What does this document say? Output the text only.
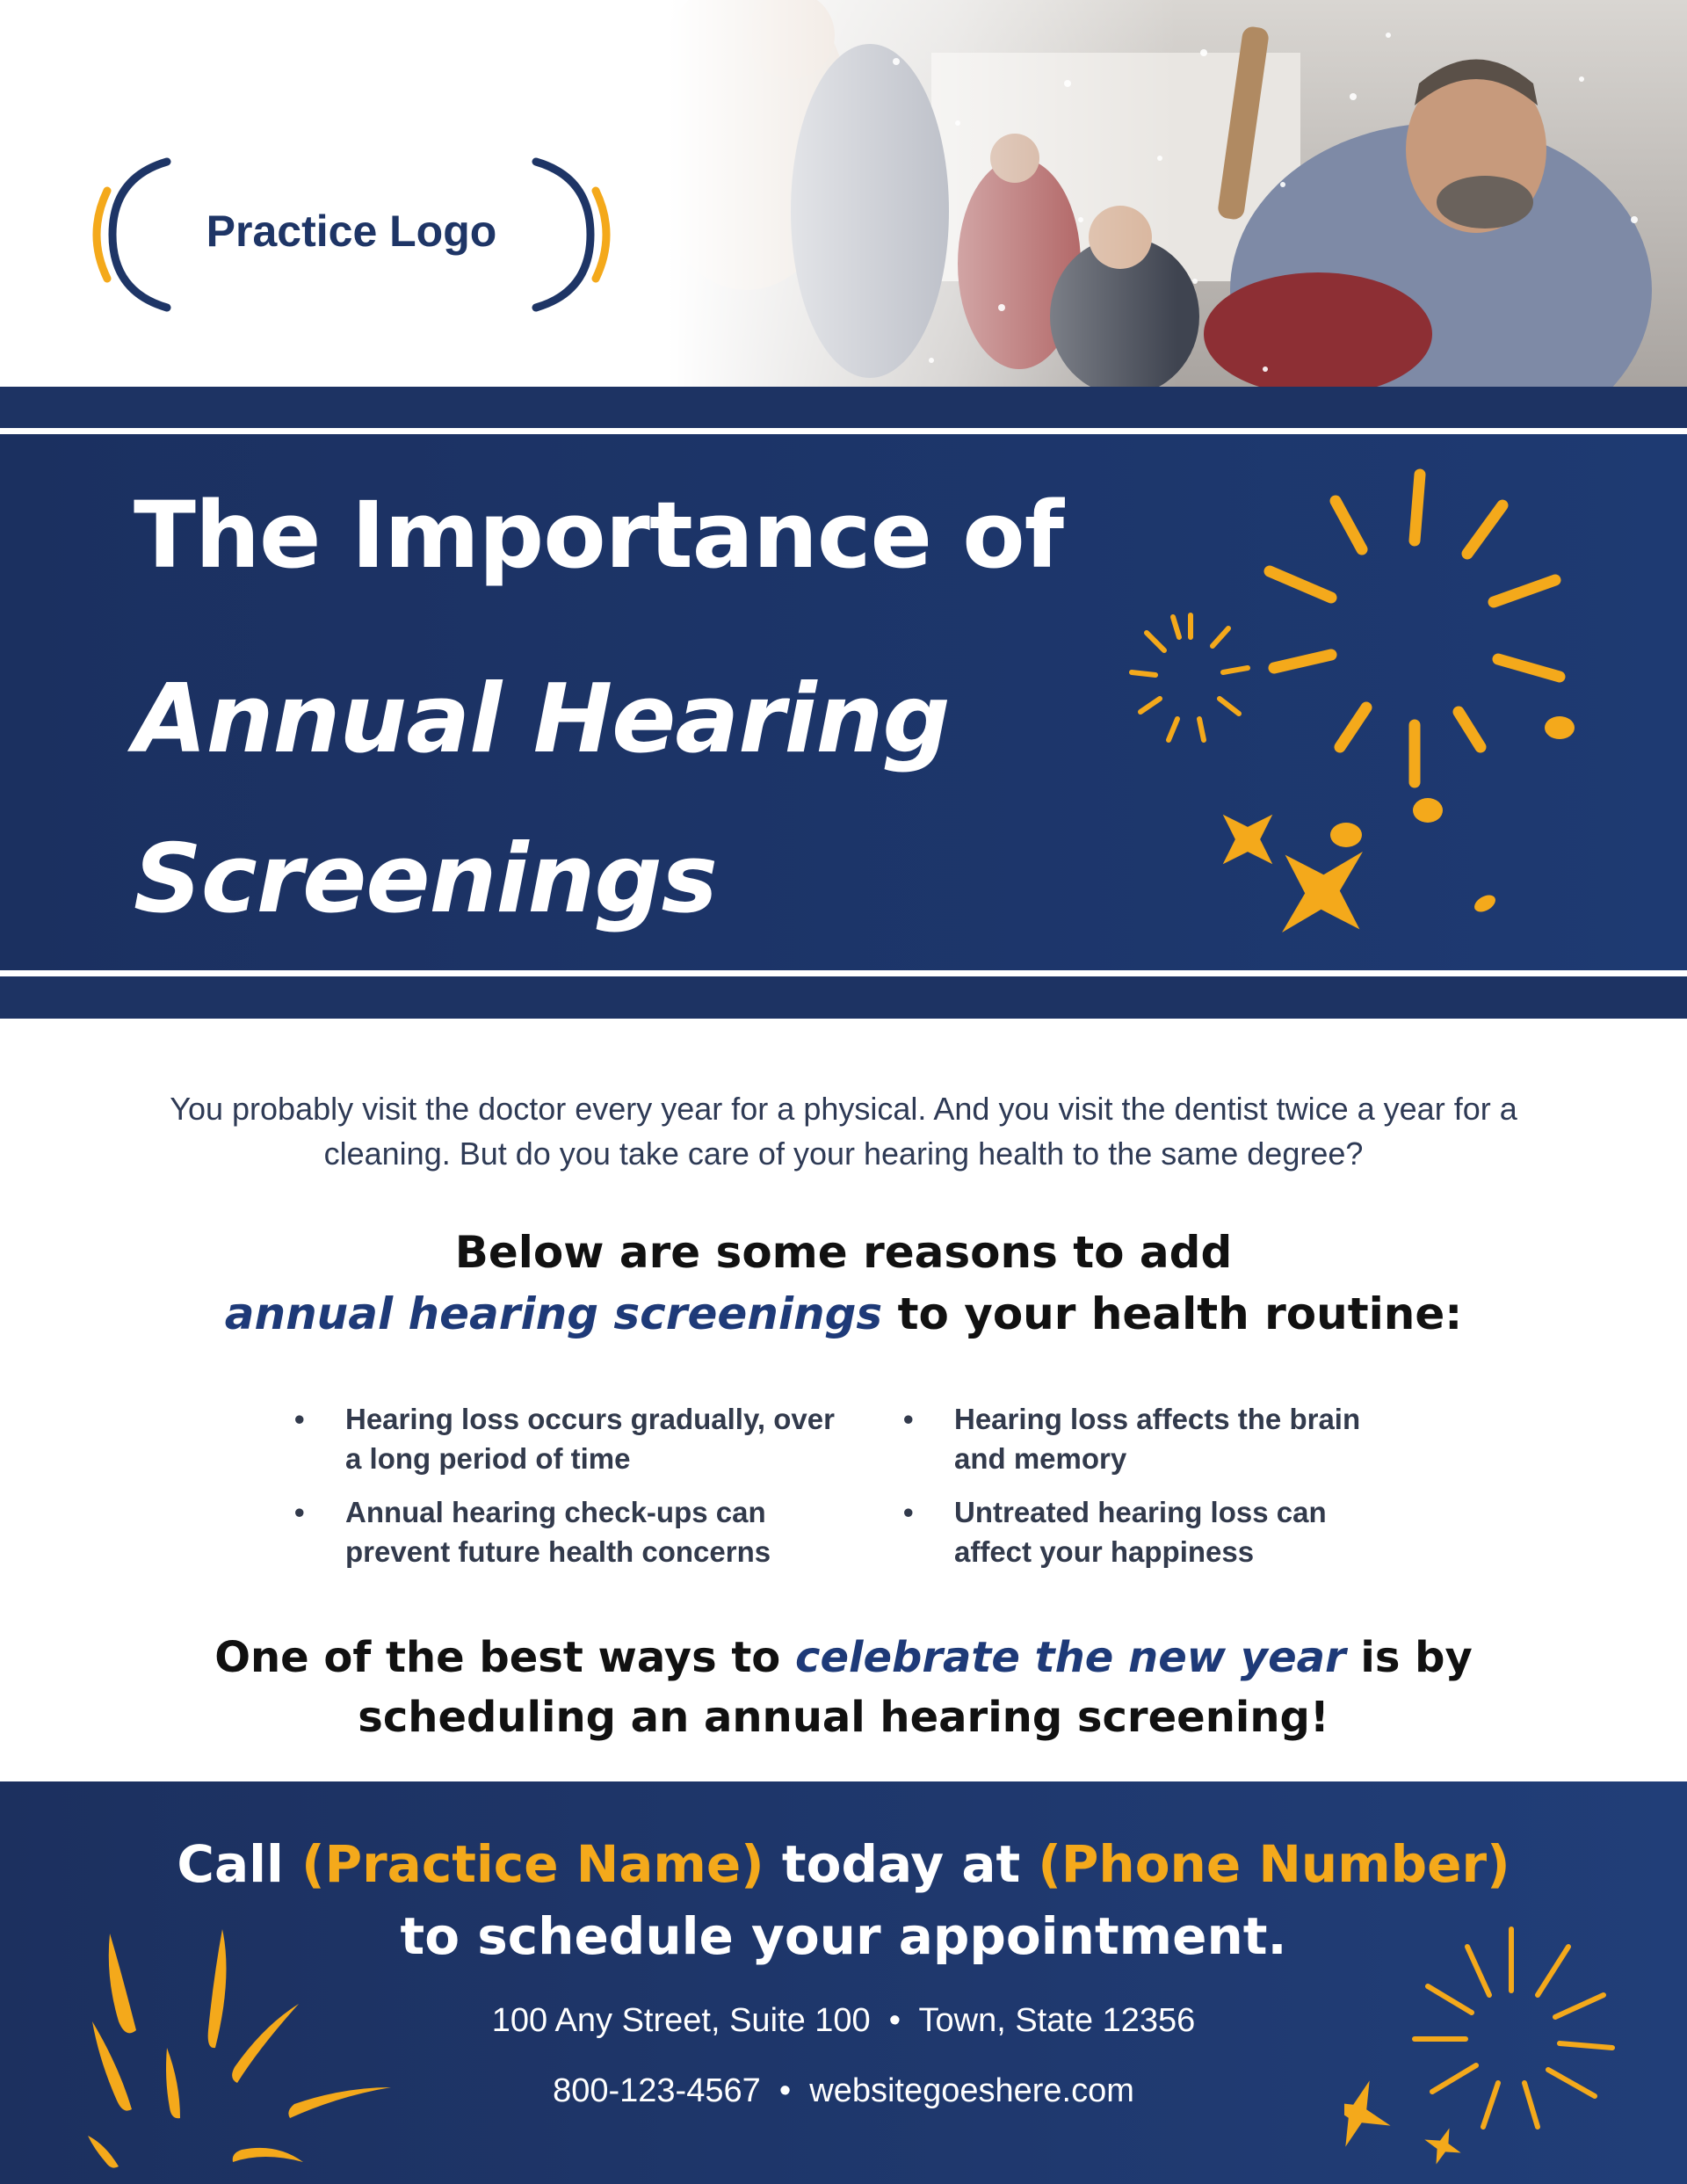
Practice Logo
The Importance of
Annual Hearing
Screenings
You probably visit the doctor every year for a physical. And you visit the dentist twice a year for a cleaning. But do you take care of your hearing health to the same degree?
Below are some reasons to add
annual hearing screenings to your health routine:
• Hearing loss occurs gradually, over a long period of time
• Annual hearing check-ups can prevent future health concerns
• Hearing loss affects the brain and memory
• Untreated hearing loss can affect your happiness
One of the best ways to celebrate the new year is by scheduling an annual hearing screening!
Call (Practice Name) today at (Phone Number)
to schedule your appointment.
100 Any Street, Suite 100  •  Town, State 12356
800-123-4567  •  websitegoeshere.com
